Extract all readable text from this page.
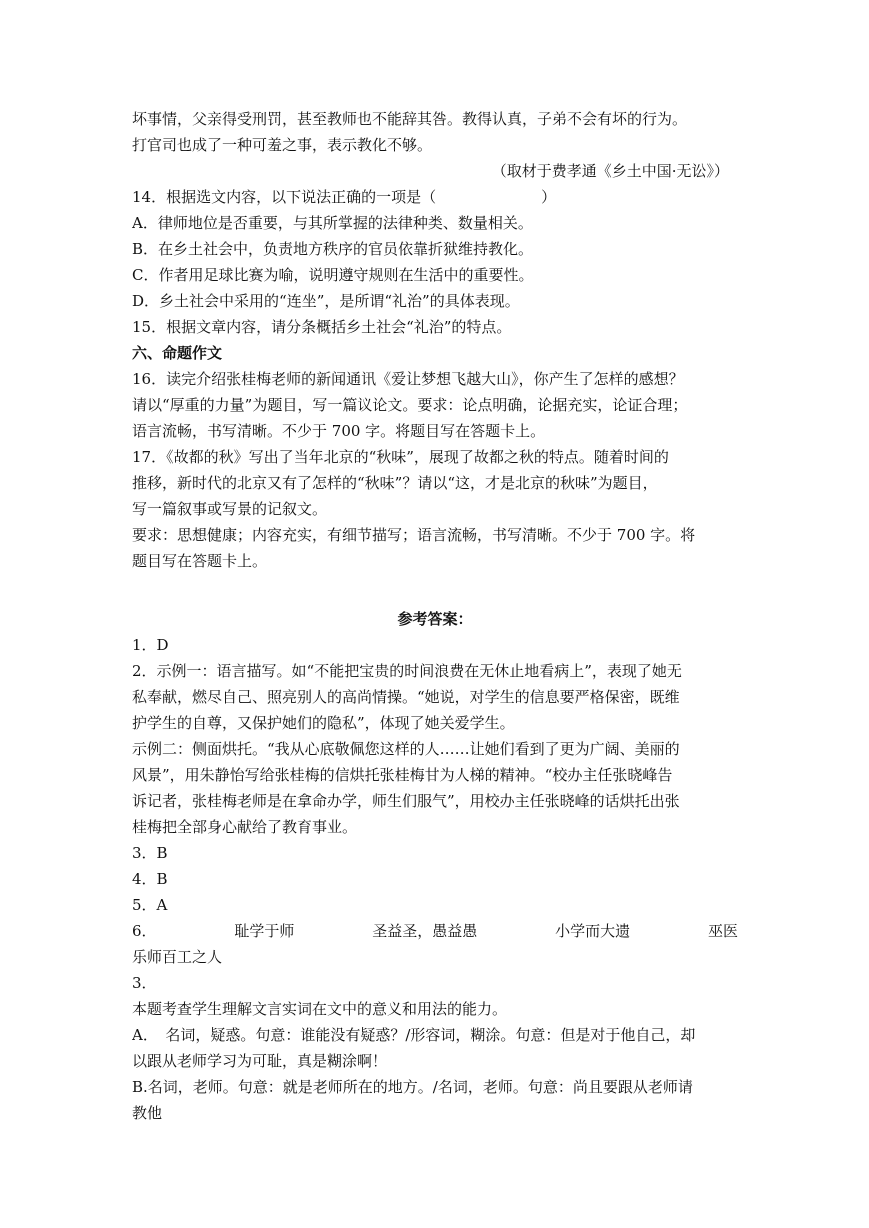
坏事情，父亲得受刑罚，甚至教师也不能辞其咎。教得认真，子弟不会有坏的行为。
打官司也成了一种可羞之事，表示教化不够。
（取材于费孝通《乡土中国·无讼》）
14．根据选文内容，以下说法正确的一项是（　　　　　　　）
A．律师地位是否重要，与其所掌握的法律种类、数量相关。
B．在乡土社会中，负责地方秩序的官员依靠折狱维持教化。
C．作者用足球比赛为喻，说明遵守规则在生活中的重要性。
D．乡土社会中采用的“连坐”，是所谓“礼治”的具体表现。
15．根据文章内容，请分条概括乡土社会“礼治”的特点。
六、命题作文
16．读完介绍张桂梅老师的新闻通讯《爱让梦想飞越大山》，你产生了怎样的感想？
请以“厚重的力量”为题目，写一篇议论文。要求：论点明确，论据充实，论证合理；
语言流畅，书写清晰。不少于 700 字。将题目写在答题卡上。
17．《故都的秋》写出了当年北京的“秋味”，展现了故都之秋的特点。随着时间的
推移，新时代的北京又有了怎样的“秋味”？请以“这，才是北京的秋味”为题目，
写一篇叙事或写景的记叙文。
要求：思想健康；内容充实，有细节描写；语言流畅，书写清晰。不少于 700 字。将
题目写在答题卡上。
参考答案：
1．D
2．示例一：语言描写。如“不能把宝贵的时间浪费在无休止地看病上”，表现了她无
私奉献，燃尽自己、照亮别人的高尚情操。“她说，对学生的信息要严格保密，既维
护学生的自尊，又保护她们的隐私”，体现了她关爱学生。
示例二：侧面烘托。“我从心底敬佩您这样的人……让她们看到了更为广阔、美丽的
风景”，用朱静怡写给张桂梅的信烘托张桂梅甘为人梯的精神。“校办主任张晓峰告
诉记者，张桂梅老师是在拿命办学，师生们服气”，用校办主任张晓峰的话烘托出张
桂梅把全部身心献给了教育事业。
3．B
4．B
5．A
6．	耻学于师	圣益圣，愚益愚	小学而大遗	巫医
乐师百工之人
3．
本题考查学生理解文言实词在文中的意义和用法的能力。
A．　名词，疑惑。句意：谁能没有疑惑？/形容词，糊涂。句意：但是对于他自己，却
以跟从老师学习为可耻，真是糊涂啊！
B.名词，老师。句意：就是老师所在的地方。/名词，老师。句意：尚且要跟从老师请
教他
